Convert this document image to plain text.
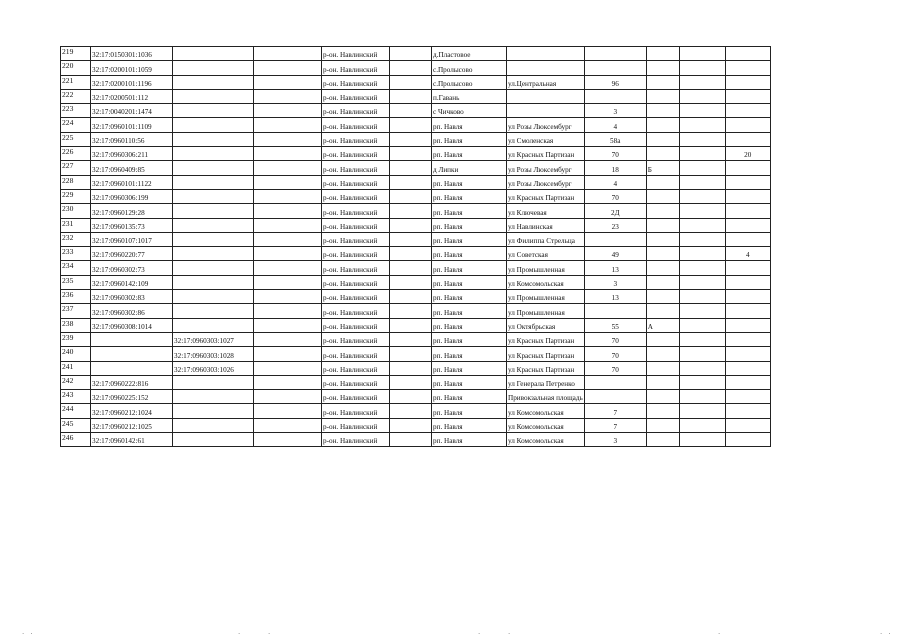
219	32:17:0150301:1036			р-он. Навлинский		д.Пластовое					
220	32:17:0200101:1059			р-он. Навлинский		с.Пролысово					
221	32:17:0200101:1196			р-он. Навлинский		с.Пролысово	ул.Центральная	96			
222	32:17:0200501:112			р-он. Навлинский		п.Гавань					
223	32:17:0040201:1474			р-он. Навлинский		с Чичково		3			
224	32:17:0960101:1109			р-он. Навлинский		рп. Навля	ул Розы Люксембург	4			
225	32:17:0960110:56			р-он. Навлинский		рп. Навля	ул Смоленская	58а			
226	32:17:0960306:211			р-он. Навлинский		рп. Навля	ул Красных Партизан	70			20
227	32:17:0960409:85			р-он. Навлинский		д Липки	ул Розы Люксембург	18	Б		
228	32:17:0960101:1122			р-он. Навлинский		рп. Навля	ул Розы Люксембург	4			
229	32:17:0960306:199			р-он. Навлинский		рп. Навля	ул Красных Партизан	70			
230	32:17:0960129:28			р-он. Навлинский		рп. Навля	ул Ключевая	2Д			
231	32:17:0960135:73			р-он. Навлинский		рп. Навля	ул Навлинская	23			
232	32:17:0960107:1017			р-он. Навлинский		рп. Навля	ул Филиппа Стрельца				
233	32:17:0960220:77			р-он. Навлинский		рп. Навля	ул Советская	49			4
234	32:17:0960302:73			р-он. Навлинский		рп. Навля	ул Промышленная	13			
235	32:17:0960142:109			р-он. Навлинский		рп. Навля	ул Комсомольская	3			
236	32:17:0960302:83			р-он. Навлинский		рп. Навля	ул Промышленная	13			
237	32:17:0960302:86			р-он. Навлинский		рп. Навля	ул Промышленная				
238	32:17:0960308:1014			р-он. Навлинский		рп. Навля	ул Октябрьская	55	А		
239		32:17:0960303:1027		р-он. Навлинский		рп. Навля	ул Красных Партизан	70			
240		32:17:0960303:1028		р-он. Навлинский		рп. Навля	ул Красных Партизан	70			
241		32:17:0960303:1026		р-он. Навлинский		рп. Навля	ул Красных Партизан	70			
242	32:17:0960222:816			р-он. Навлинский		рп. Навля	ул Генерала Петренко				
243	32:17:0960225:152			р-он. Навлинский		рп. Навля	Привокзальная площадь				
244	32:17:0960212:1024			р-он. Навлинский		рп. Навля	ул Комсомольская	7			
245	32:17:0960212:1025			р-он. Навлинский		рп. Навля	ул Комсомольская	7			
246	32:17:0960142:61			р-он. Навлинский		рп. Навля	ул Комсомольская	3			
. .	.	.	.	.	.	. .
